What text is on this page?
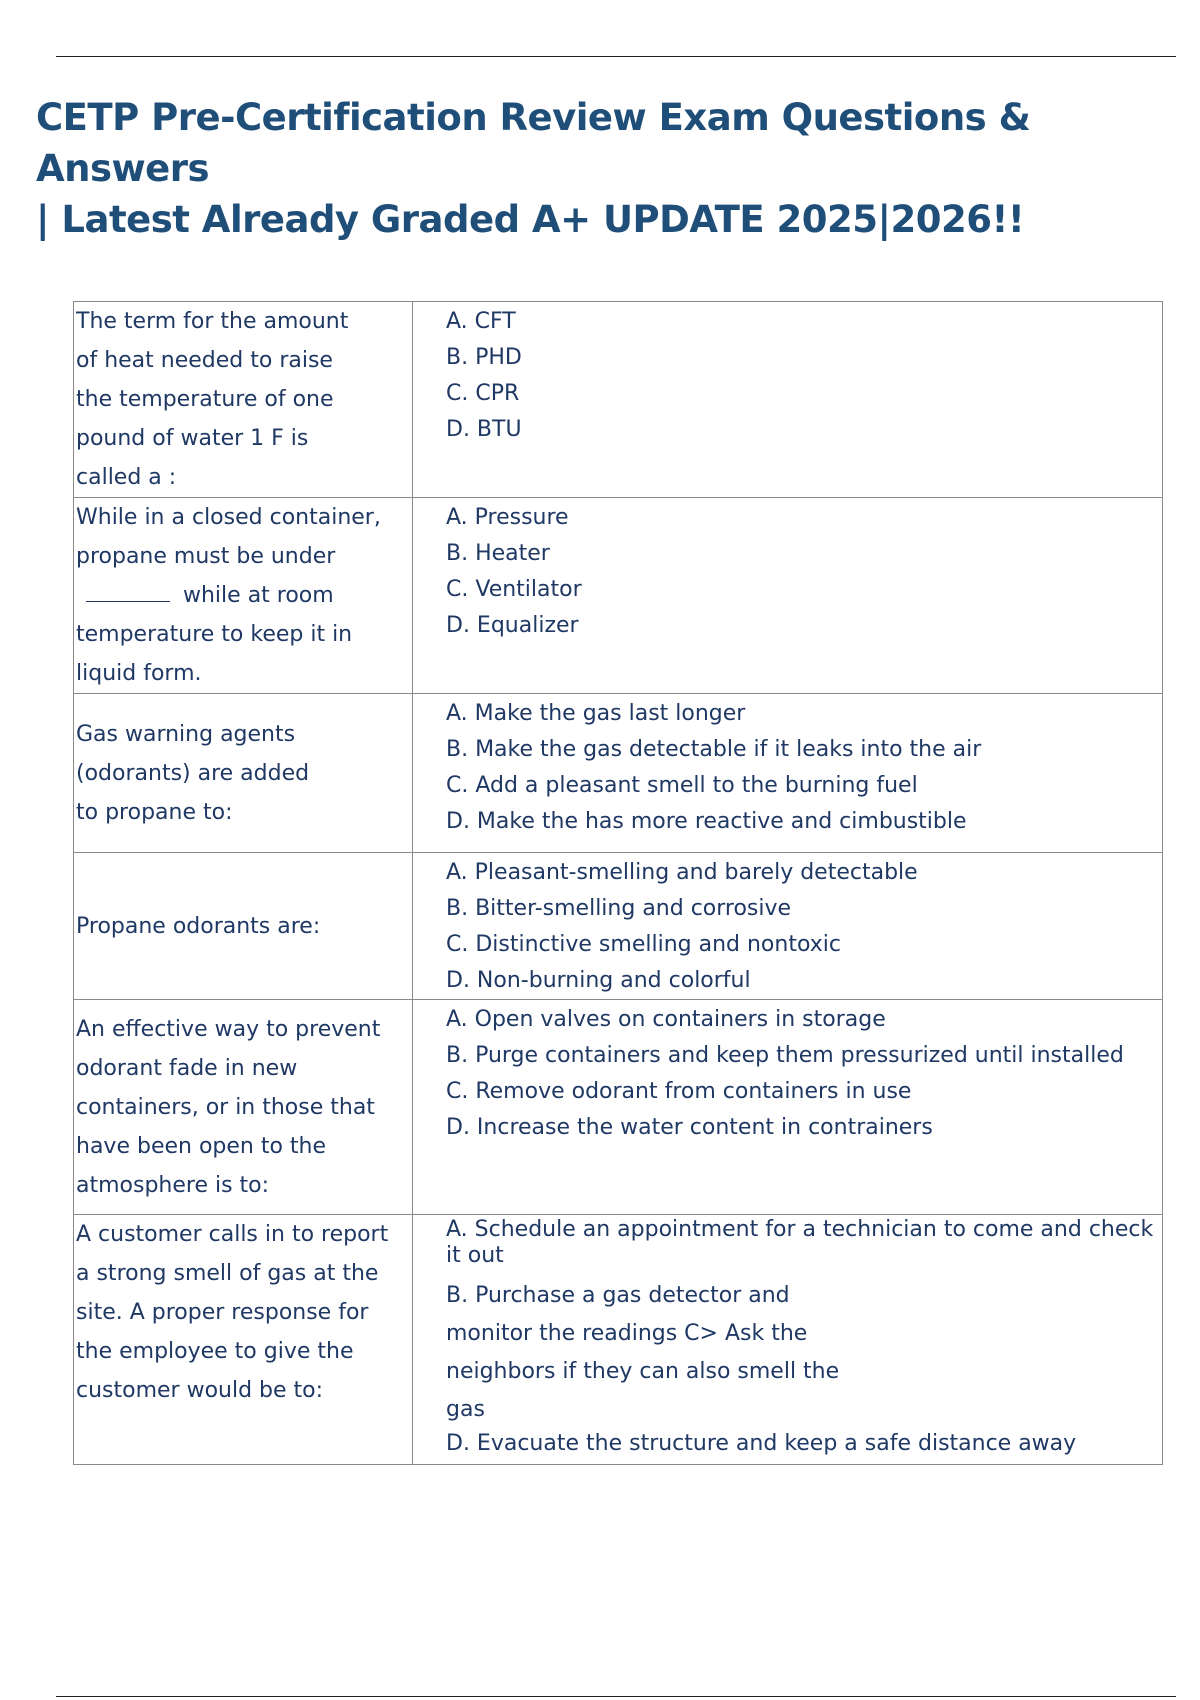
CETP Pre-Certification Review Exam Questions & Answers
| Latest Already Graded A+ UPDATE 2025|2026!!
The term for the amount of heat needed to raise the temperature of one pound of water 1 F is called a :	A. CFT
B. PHD
C. CPR
D. BTU

While in a closed container, propane must be under  while at room temperature to keep it in liquid form.	A. Pressure
B. Heater
C. Ventilator
D. Equalizer

Gas warning agents (odorants) are added to propane to:	A. Make the gas last longer
B. Make the gas detectable if it leaks into the air
C. Add a pleasant smell to the burning fuel
D. Make the has more reactive and cimbustible

Propane odorants are:	A. Pleasant-smelling and barely detectable
B. Bitter-smelling and corrosive
C. Distinctive smelling and nontoxic
D. Non-burning and colorful

An effective way to prevent odorant fade in new containers, or in those that have been open to the atmosphere is to:	A. Open valves on containers in storage
B. Purge containers and keep them pressurized until installed
C. Remove odorant from containers in use
D. Increase the water content in contrainers

A customer calls in to report a strong smell of gas at the site. A proper response for the employee to give the customer would be to:	A. Schedule an appointment for a technician to come and check it out
B. Purchase a gas detector and monitor the readings C> Ask the neighbors if they can also smell the gas
D. Evacuate the structure and keep a safe distance away
